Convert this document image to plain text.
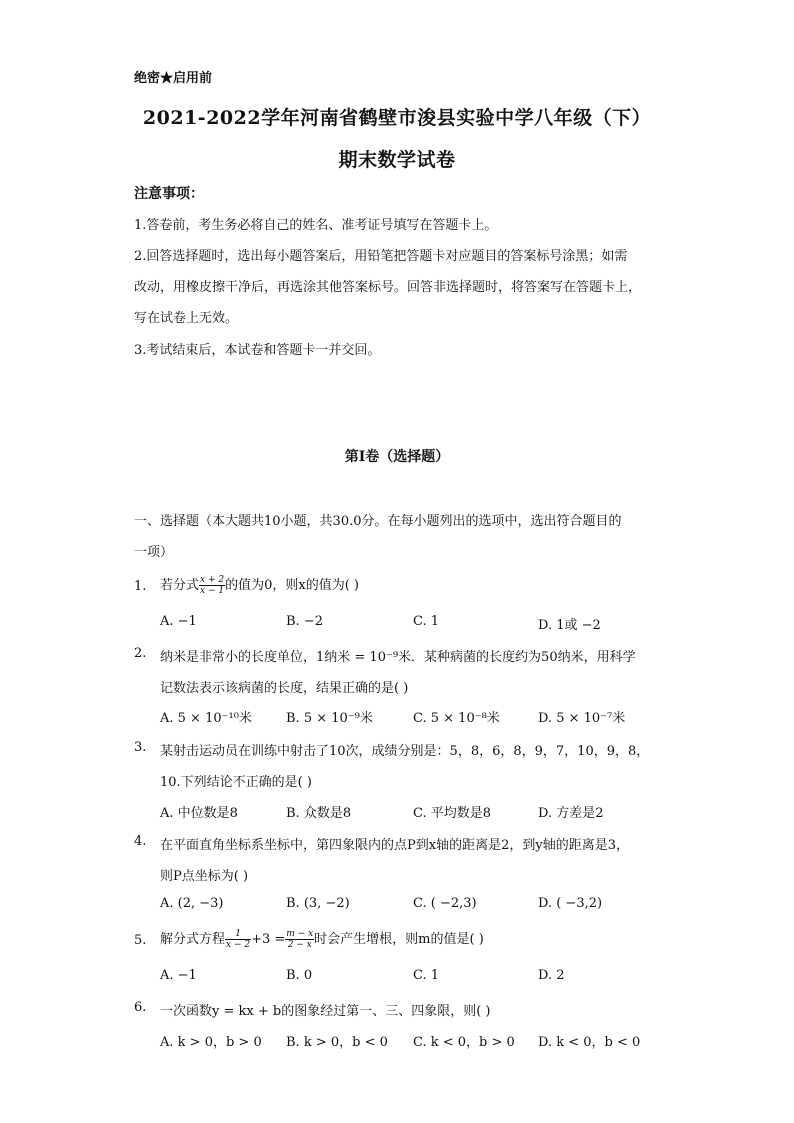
绝密★启用前
2021-2022学年河南省鹤壁市浚县实验中学八年级（下）
期末数学试卷
注意事项：
1.答卷前，考生务必将自己的姓名、准考证号填写在答题卡上。
2.回答选择题时，选出每小题答案后，用铅笔把答题卡对应题目的答案标号涂黑；如需
改动，用橡皮擦干净后，再选涂其他答案标号。回答非选择题时，将答案写在答题卡上，
写在试卷上无效。
3.考试结束后，本试卷和答题卡一并交回。
第I卷（选择题）
一、选择题（本大题共10小题，共30.0分。在每小题列出的选项中，选出符合题目的
一项）
1. 若分式 $\frac{x + 2}{x - 1}$ 的值为0，则x的值为( )
A. −1	B. −2	C. 1	D. 1或 −2
2. 纳米是非常小的长度单位，1纳米 = 10⁻⁹米．某种病菌的长度约为50纳米，用科学
记数法表示该病菌的长度，结果正确的是( )
A. 5 × 10⁻¹⁰米	B. 5 × 10⁻⁹米	C. 5 × 10⁻⁸米	D. 5 × 10⁻⁷米
3. 某射击运动员在训练中射击了10次，成绩分别是：5，8，6，8，9，7，10，9，8，
10.下列结论不正确的是( )
A. 中位数是8	B. 众数是8	C. 平均数是8	D. 方差是2
4. 在平面直角坐标系坐标中，第四象限内的点P到x轴的距离是2，到y轴的距离是3，
则P点坐标为( )
A. (2, −3)	B. (3, −2)	C. ( −2,3)	D. ( −3,2)
5. 解分式方程 $\frac{1}{x - 2} +3 = \frac{m - x}{2 - x}$ 时会产生增根，则m的值是( )
A. −1	B. 0	C. 1	D. 2
6. 一次函数y = kx + b的图象经过第一、三、四象限，则( )
A. k > 0，b > 0 B. k > 0，b < 0 C. k < 0，b > 0 D. k < 0，b < 0
